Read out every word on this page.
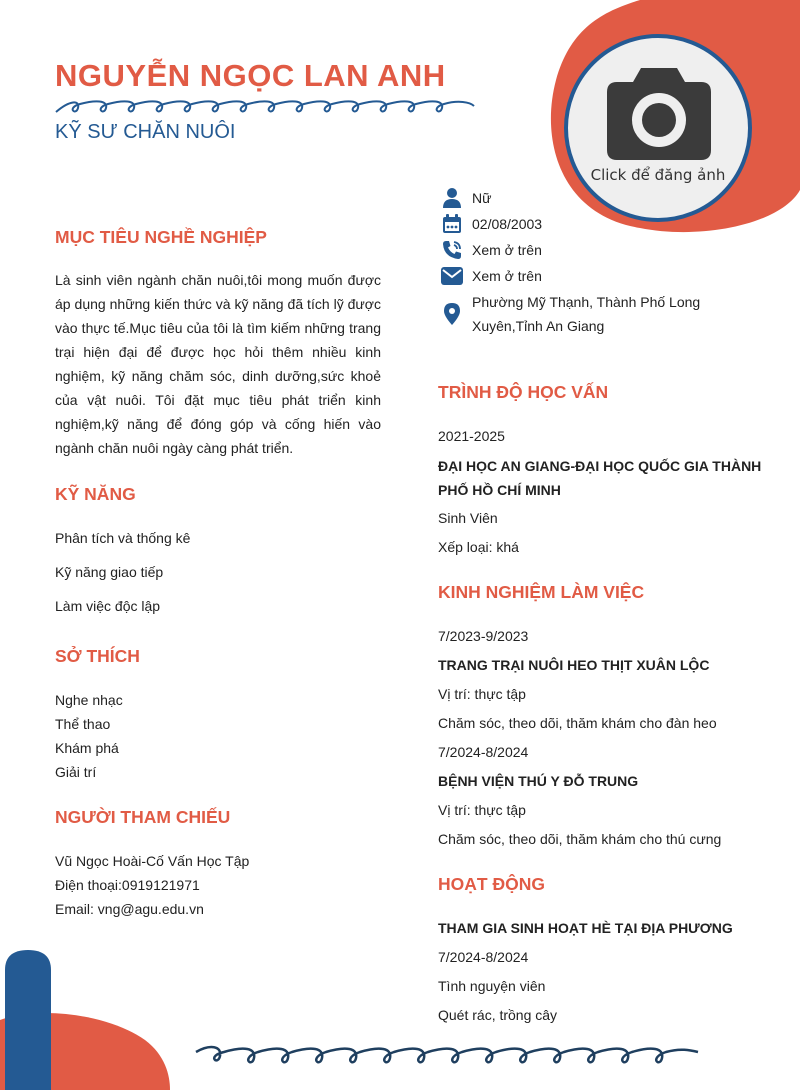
Click để đăng ảnh
NGUYỄN NGỌC LAN ANH
KỸ SƯ CHĂN NUÔI
Nữ
02/08/2003
Xem ở trên
Xem ở trên
Phường Mỹ Thạnh, Thành Phố Long Xuyên,Tỉnh An Giang
MỤC TIÊU NGHỀ NGHIỆP
Là sinh viên ngành chăn nuôi,tôi mong muốn được áp dụng những kiến thức và kỹ năng đã tích lỹ được vào thực tế.Mục tiêu của tôi là tìm kiếm những trang trại hiện đại để được học hỏi thêm nhiều kinh nghiệm, kỹ năng chăm sóc, dinh dưỡng,sức khoẻ của vật nuôi. Tôi đặt mục tiêu phát triển kinh nghiệm,kỹ năng để đóng góp và cống hiến vào ngành chăn nuôi ngày càng phát triển.
KỸ NĂNG
Phân tích và thống kê
Kỹ năng giao tiếp
Làm việc độc lập
SỞ THÍCH
Nghe nhạc
Thể thao
Khám phá
Giải trí
NGƯỜI THAM CHIẾU
Vũ Ngọc Hoài-Cố Vấn Học Tập
Điện thoại:0919121971
Email: vng@agu.edu.vn
TRÌNH ĐỘ HỌC VẤN
2021-2025
ĐẠI HỌC AN GIANG-ĐẠI HỌC QUỐC GIA THÀNH PHỐ HỒ CHÍ MINH
Sinh Viên
Xếp loại: khá
KINH NGHIỆM LÀM VIỆC
7/2023-9/2023
TRANG TRẠI NUÔI HEO THỊT XUÂN LỘC
Vị trí: thực tập
Chăm sóc, theo dõi, thăm khám cho đàn heo
7/2024-8/2024
BỆNH VIỆN THÚ Y ĐỖ TRUNG
Vị trí: thực tập
Chăm sóc, theo dõi, thăm khám cho thú cưng
HOẠT ĐỘNG
THAM GIA SINH HOẠT HÈ TẠI ĐỊA PHƯƠNG
7/2024-8/2024
Tình nguyện viên
Quét rác, trồng cây
